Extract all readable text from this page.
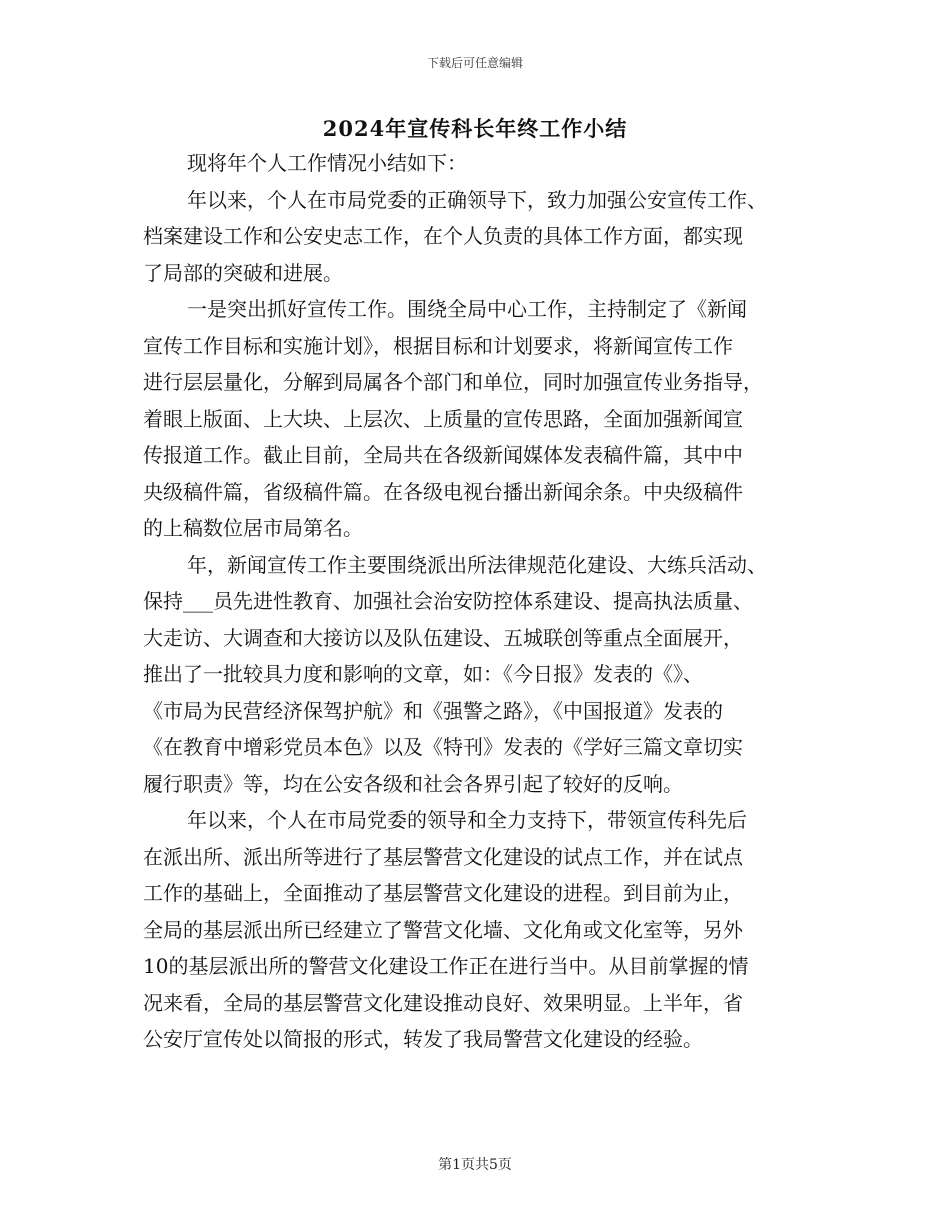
下载后可任意编辑
2024年宣传科长年终工作小结
现将年个人工作情况小结如下：
年以来，个人在市局党委的正确领导下，致力加强公安宣传工作、
档案建设工作和公安史志工作，在个人负责的具体工作方面，都实现
了局部的突破和进展。
一是突出抓好宣传工作。围绕全局中心工作，主持制定了《新闻
宣传工作目标和实施计划》，根据目标和计划要求，将新闻宣传工作
进行层层量化，分解到局属各个部门和单位，同时加强宣传业务指导，
着眼上版面、上大块、上层次、上质量的宣传思路，全面加强新闻宣
传报道工作。截止目前，全局共在各级新闻媒体发表稿件篇，其中中
央级稿件篇，省级稿件篇。在各级电视台播出新闻余条。中央级稿件
的上稿数位居市局第名。
年，新闻宣传工作主要围绕派出所法律规范化建设、大练兵活动、
保持___员先进性教育、加强社会治安防控体系建设、提高执法质量、
大走访、大调查和大接访以及队伍建设、五城联创等重点全面展开，
推出了一批较具力度和影响的文章，如：《今日报》发表的《》、
《市局为民营经济保驾护航》和《强警之路》，《中国报道》发表的
《在教育中增彩党员本色》以及《特刊》发表的《学好三篇文章切实
履行职责》等，均在公安各级和社会各界引起了较好的反响。
年以来，个人在市局党委的领导和全力支持下，带领宣传科先后
在派出所、派出所等进行了基层警营文化建设的试点工作，并在试点
工作的基础上，全面推动了基层警营文化建设的进程。到目前为止，
全局的基层派出所已经建立了警营文化墙、文化角或文化室等，另外
10的基层派出所的警营文化建设工作正在进行当中。从目前掌握的情
况来看，全局的基层警营文化建设推动良好、效果明显。上半年，省
公安厅宣传处以简报的形式，转发了我局警营文化建设的经验。
第1页共5页
